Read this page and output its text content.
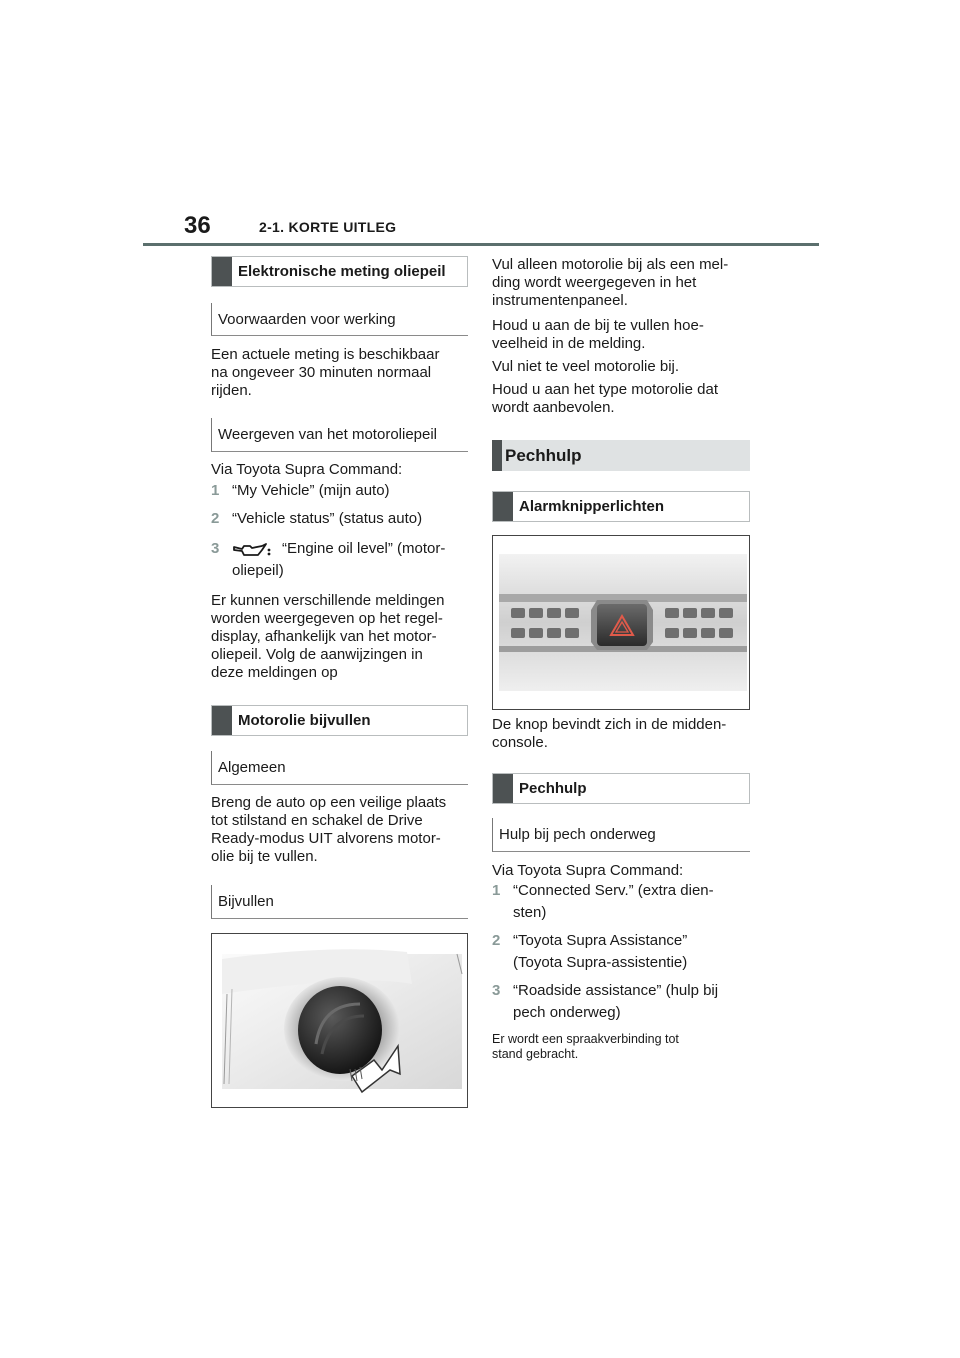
36	2-1. KORTE UITLEG
Elektronische meting oliepeil
Voorwaarden voor werking
Een actuele meting is beschikbaar
na ongeveer 30 minuten normaal
rijden.
Weergeven van het motoroliepeil
Via Toyota Supra Command:
1 “My Vehicle” (mijn auto)
2 “Vehicle status” (status auto)
3	“Engine oil level” (motor-
oliepeil)
Er kunnen verschillende meldingen
worden weergegeven op het regel-
display, afhankelijk van het motor-
oliepeil. Volg de aanwijzingen in
deze meldingen op
Motorolie bijvullen
Algemeen
Breng de auto op een veilige plaats
tot stilstand en schakel de Drive
Ready-modus UIT alvorens motor-
olie bij te vullen.
Bijvullen
Vul alleen motorolie bij als een mel-
ding wordt weergegeven in het
instrumentenpaneel.
Houd u aan de bij te vullen hoe-
veelheid in de melding.
Vul niet te veel motorolie bij.
Houd u aan het type motorolie dat
wordt aanbevolen.
Pechhulp
Alarmknipperlichten
De knop bevindt zich in de midden-
console.
Pechhulp
Hulp bij pech onderweg
Via Toyota Supra Command:
1 “Connected Serv.” (extra dien-
sten)
2 “Toyota Supra Assistance”
(Toyota Supra-assistentie)
3 “Roadside assistance” (hulp bij
pech onderweg)
Er wordt een spraakverbinding tot
stand gebracht.
